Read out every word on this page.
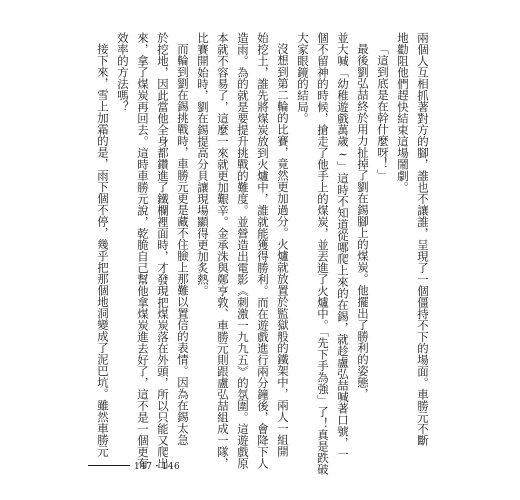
兩個人互相抓著對方的腳，誰也不讓誰，呈現了一個僵持不下的場面。車勝元不斷
地勸阻他們趕快結束這場鬧劇。
「這到底是在幹什麼呀！」
最後劉弘喆終於用力扯掉了劉在錫腳上的煤炭。他擺出了勝利的姿態，
並大喊「幼稚遊戲萬歲∼」這時不知道從哪爬上來的在錫，就趁盧弘喆喊著口號，一
個不留神的時候，搶走了他手上的煤炭，並丟進了火爐中。「先下手為強」了！真是跌破
大家眼鏡的結局。
沒想到第二輪的比賽，竟然更加過分。火爐就放置於監獄般的鐵架中，兩人一組開
始挖土，誰先將煤炭放到火爐中，誰就能獲得勝利。而在遊戲進行兩分鐘後，會降下人
造雨。為的就是要提升挑戰的難度。並營造出電影《刺激一九九五》的氛圍。這遊戲原
本就不容易了，這麼一來就更加艱辛。金承洙與鄭亨敦、車勝元則跟盧弘喆組成一隊，
比賽開始時，劉在錫提高分貝讓現場顯得更加炙熱。
而輪到劉在錫挑戰時，車勝元更是藏不住臉上那難以置信的表情。因為在錫太急
於挖地，因此當他全身都鑽進了鐵欄裡面時，才發現把煤炭落在外頭，所以只能又爬出
來，拿了煤炭再回去。這時車勝元說，乾脆自己幫他拿煤炭進去好了，這不是一個更有
效率的方法嗎？
接下來，雪上加霜的是，雨下個不停，幾乎把那個地洞變成了泥巴坑。雖然車勝元
147・146
